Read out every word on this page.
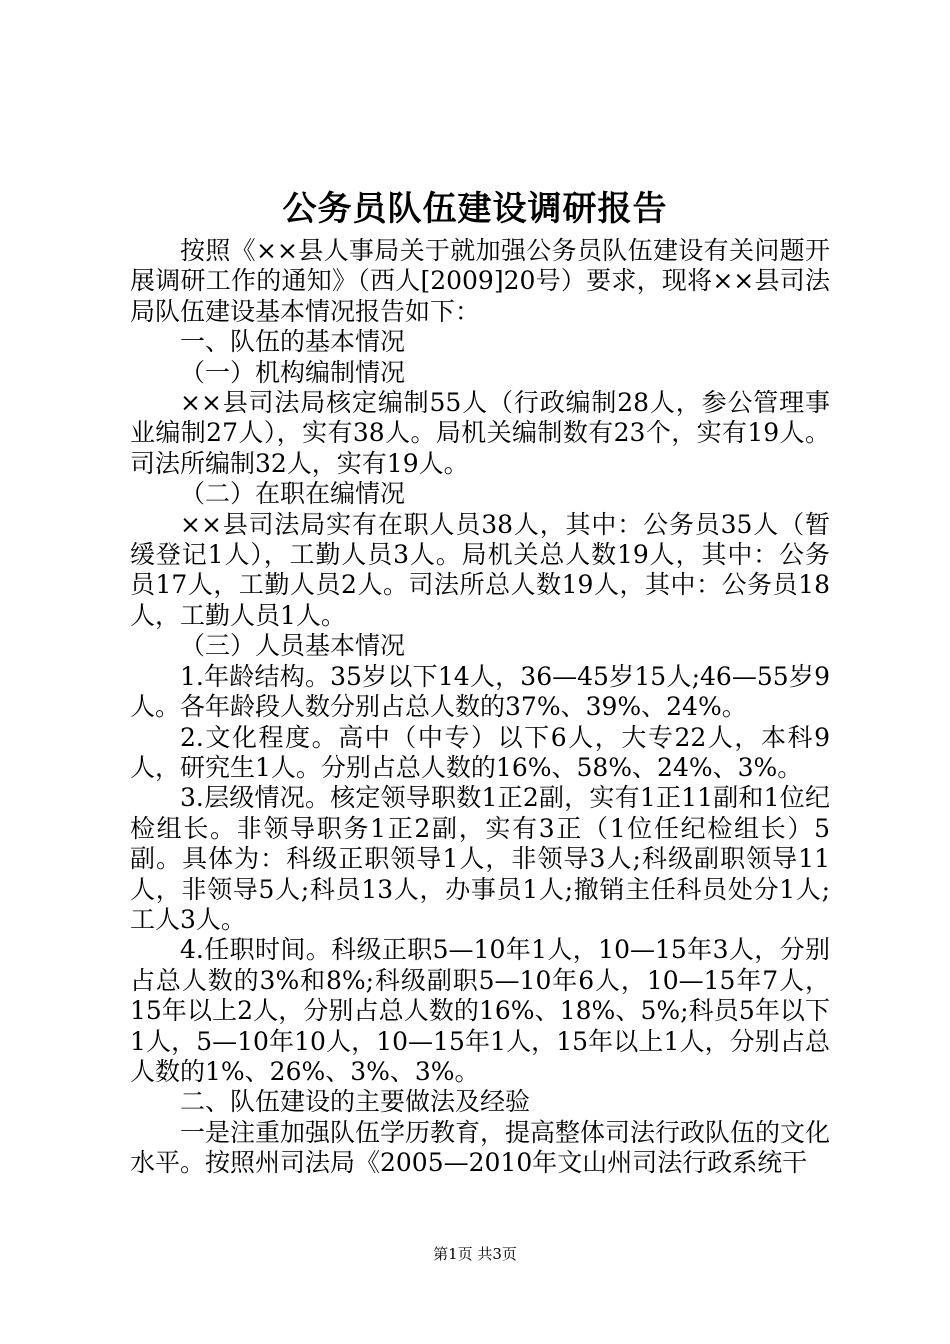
公务员队伍建设调研报告

按照《××县人事局关于就加强公务员队伍建设有关问题开展调研工作的通知》（西人[2009]20号）要求，现将××县司法局队伍建设基本情况报告如下：

一、队伍的基本情况

（一）机构编制情况

××县司法局核定编制55人（行政编制28人，参公管理事业编制27人），实有38人。局机关编制数有23个，实有19人。司法所编制32人，实有19人。

（二）在职在编情况

××县司法局实有在职人员38人，其中：公务员35人（暂缓登记1人），工勤人员3人。局机关总人数19人，其中：公务员17人，工勤人员2人。司法所总人数19人，其中：公务员18人，工勤人员1人。

（三）人员基本情况

1.年龄结构。35岁以下14人，36—45岁15人;46—55岁9人。各年龄段人数分别占总人数的37%、39%、24%。

2.文化程度。高中（中专）以下6人，大专22人，本科9人，研究生1人。分别占总人数的16%、58%、24%、3%。

3.层级情况。核定领导职数1正2副，实有1正11副和1位纪检组长。非领导职务1正2副，实有3正（1位任纪检组长）5副。具体为：科级正职领导1人，非领导3人;科级副职领导11人，非领导5人;科员13人，办事员1人;撤销主任科员处分1人;工人3人。

4.任职时间。科级正职5—10年1人，10—15年3人，分别占总人数的3%和8%;科级副职5—10年6人，10—15年7人，15年以上2人，分别占总人数的16%、18%、5%;科员5年以下1人，5—10年10人，10—15年1人，15年以上1人，分别占总人数的1%、26%、3%、3%。

二、队伍建设的主要做法及经验

一是注重加强队伍学历教育，提高整体司法行政队伍的文化水平。按照州司法局《2005—2010年文山州司法行政系统干

第1页 共3页
